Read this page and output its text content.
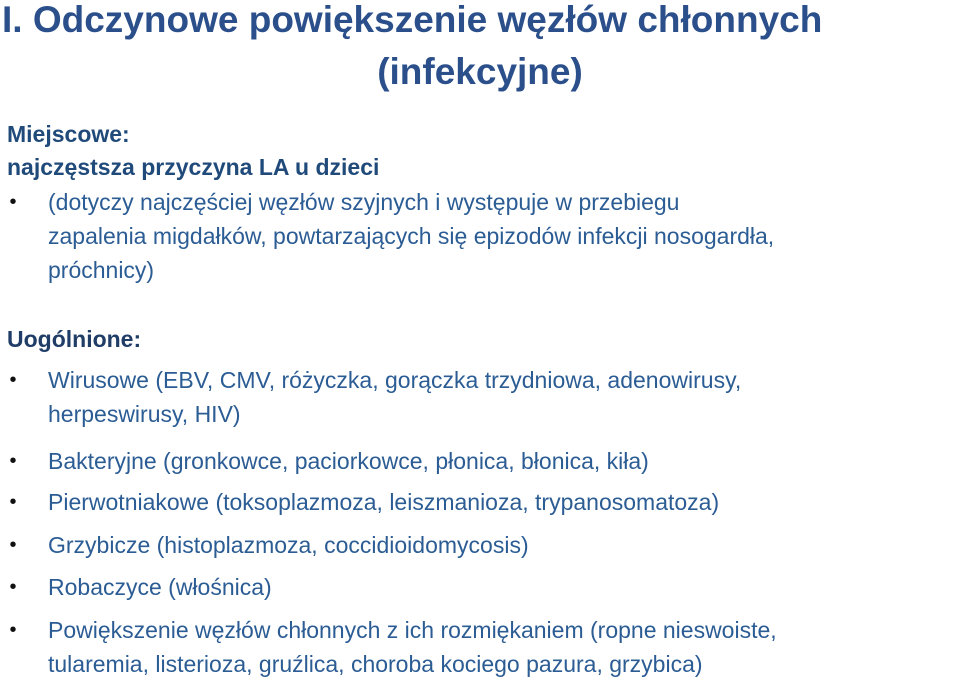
I. Odczynowe powiększenie węzłów chłonnych
(infekcyjne)
Miejscowe:
najczęstsza przyczyna LA u dzieci
• (dotyczy najczęściej węzłów szyjnych i występuje w przebiegu
zapalenia migdałków, powtarzających się epizodów infekcji nosogardła,
próchnicy)
Uogólnione:
• Wirusowe (EBV, CMV, różyczka, gorączka trzydniowa, adenowirusy,
herpeswirusy, HIV)
• Bakteryjne (gronkowce, paciorkowce, płonica, błonica, kiła)
• Pierwotniakowe (toksoplazmoza, leiszmanioza, trypanosomatoza)
• Grzybicze (histoplazmoza, coccidioidomycosis)
• Robaczyce (włośnica)
• Powiększenie węzłów chłonnych z ich rozmiękaniem (ropne nieswoiste,
tularemia, listerioza, gruźlica, choroba kociego pazura, grzybica)
